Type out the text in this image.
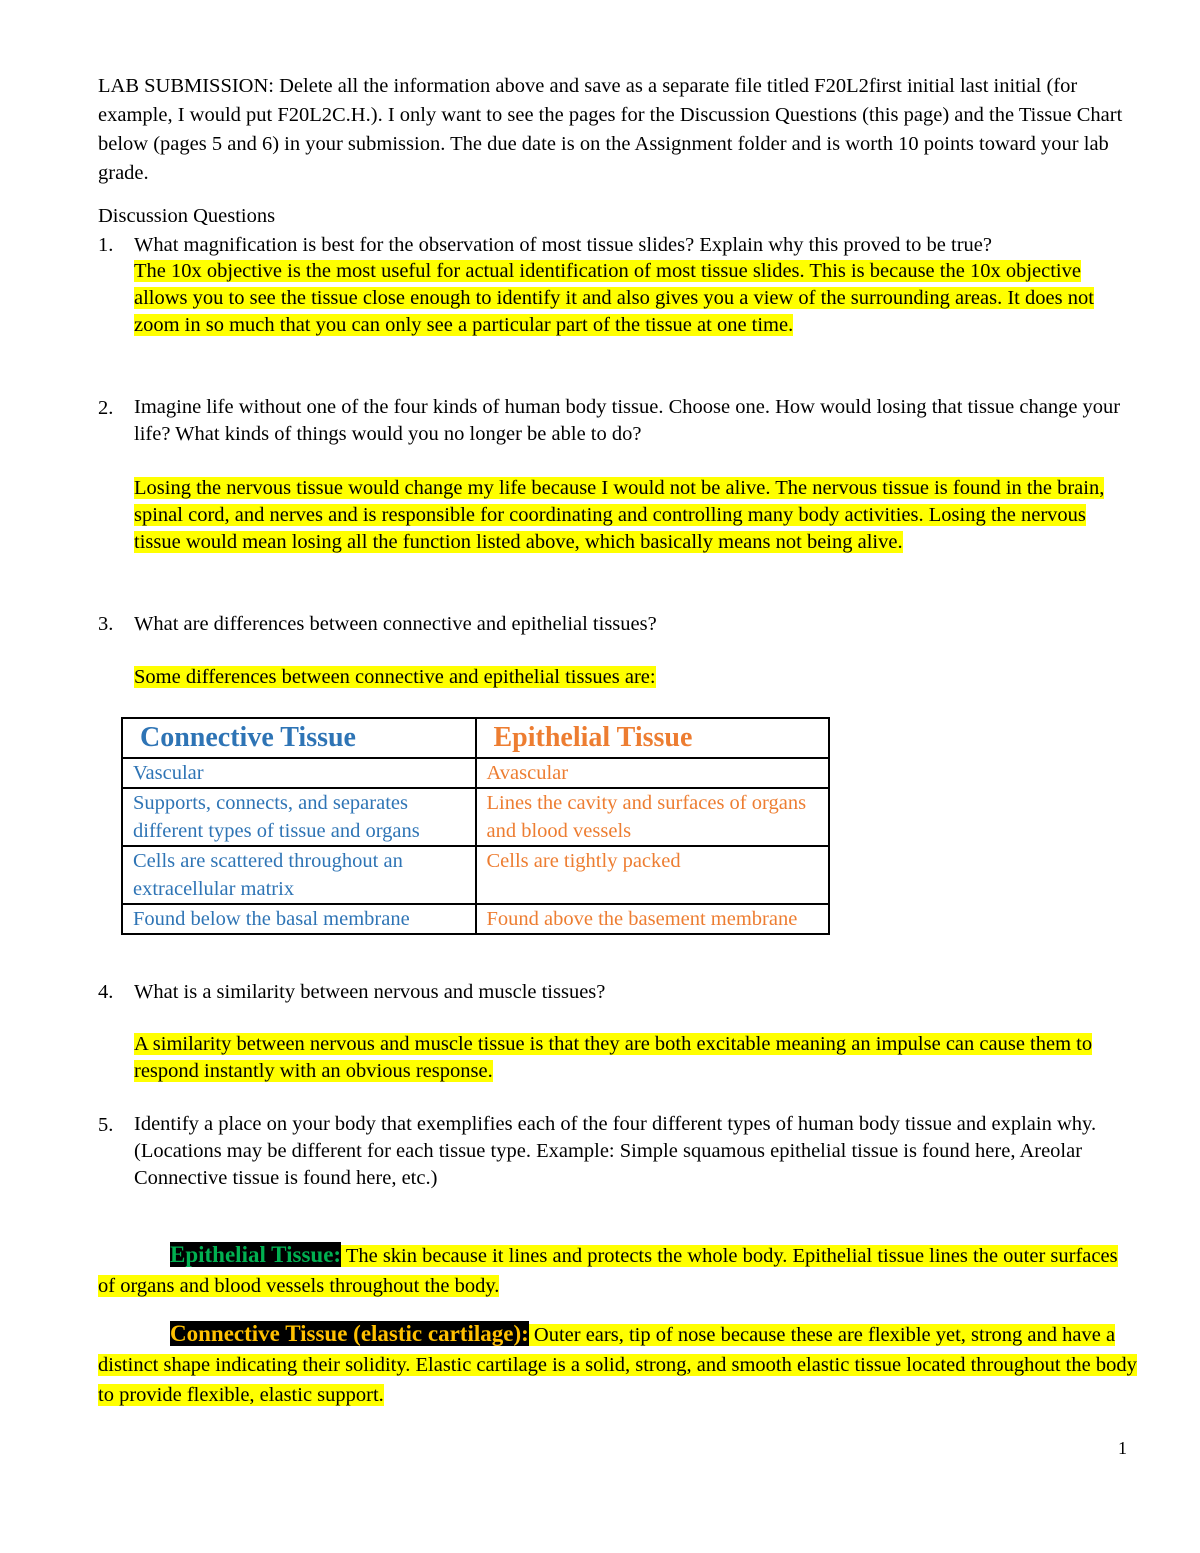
LAB SUBMISSION: Delete all the information above and save as a separate file titled F20L2first initial last initial (for example, I would put F20L2C.H.). I only want to see the pages for the Discussion Questions (this page) and the Tissue Chart below (pages 5 and 6) in your submission. The due date is on the Assignment folder and is worth 10 points toward your lab grade.

Discussion Questions

1. What magnification is best for the observation of most tissue slides? Explain why this proved to be true?
The 10x objective is the most useful for actual identification of most tissue slides. This is because the 10x objective allows you to see the tissue close enough to identify it and also gives you a view of the surrounding areas. It does not zoom in so much that you can only see a particular part of the tissue at one time.
2. Imagine life without one of the four kinds of human body tissue. Choose one. How would losing that tissue change your life? What kinds of things would you no longer be able to do?
Losing the nervous tissue would change my life because I would not be alive. The nervous tissue is found in the brain, spinal cord, and nerves and is responsible for coordinating and controlling many body activities. Losing the nervous tissue would mean losing all the function listed above, which basically means not being alive.
3. What are differences between connective and epithelial tissues?
Some differences between connective and epithelial tissues are:
Connective Tissue	Epithelial Tissue
Vascular	Avascular
Supports, connects, and separates different types of tissue and organs	Lines the cavity and surfaces of organs and blood vessels
Cells are scattered throughout an extracellular matrix	Cells are tightly packed
Found below the basal membrane	Found above the basement membrane
4. What is a similarity between nervous and muscle tissues?
A similarity between nervous and muscle tissue is that they are both excitable meaning an impulse can cause them to respond instantly with an obvious response.
5. Identify a place on your body that exemplifies each of the four different types of human body tissue and explain why. (Locations may be different for each tissue type. Example: Simple squamous epithelial tissue is found here, Areolar Connective tissue is found here, etc.)

Epithelial Tissue: The skin because it lines and protects the whole body. Epithelial tissue lines the outer surfaces of organs and blood vessels throughout the body.

Connective Tissue (elastic cartilage): Outer ears, tip of nose because these are flexible yet, strong and have a distinct shape indicating their solidity. Elastic cartilage is a solid, strong, and smooth elastic tissue located throughout the body to provide flexible, elastic support.

1
